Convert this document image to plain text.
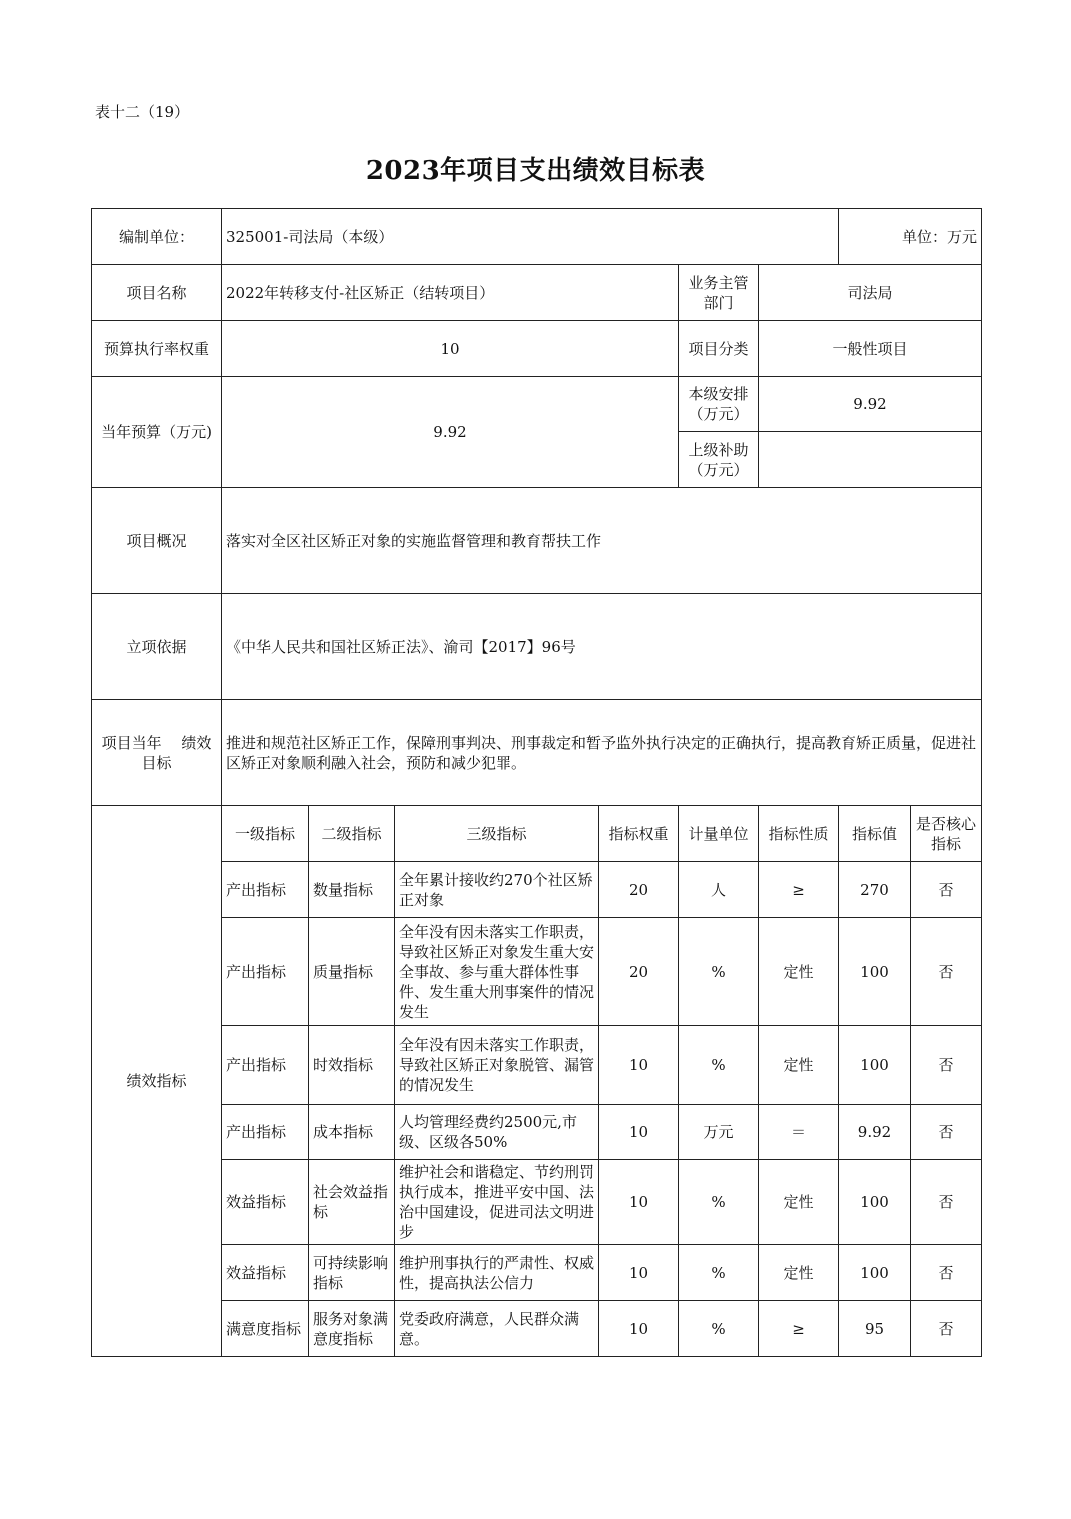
表十二（19）
2023年项目支出绩效目标表
编制单位：	325001-司法局（本级）						单位：万元	
项目名称	2022年转移支付-社区矫正（结转项目）				业务主管部门	司法局		
预算执行率权重	10				项目分类	一般性项目		
当年预算（万元)	9.92				本级安排（万元）	9.92		
					上级补助（万元）			
项目概况	落实对全区社区矫正对象的实施监督管理和教育帮扶工作							
立项依据	《中华人民共和国社区矫正法》、渝司【2017】96号							
项目当年　 绩效目标	推进和规范社区矫正工作，保障刑事判决、刑事裁定和暂予监外执行决定的正确执行，提高教育矫正质量，促进社区矫正对象顺利融入社会，预防和减少犯罪。							
绩效指标	一级指标	二级指标	三级指标	指标权重	计量单位	指标性质	指标值	是否核心指标
	产出指标	数量指标	全年累计接收约270个社区矫正对象	20	人	≥	270	否
	产出指标	质量指标	全年没有因未落实工作职责，导致社区矫正对象发生重大安全事故、参与重大群体性事件、发生重大刑事案件的情况发生	20	%	定性	100	否
	产出指标	时效指标	全年没有因未落实工作职责，导致社区矫正对象脱管、漏管的情况发生	10	%	定性	100	否
	产出指标	成本指标	人均管理经费约2500元,市级、区级各50%	10	万元	＝	9.92	否
	效益指标	社会效益指标	维护社会和谐稳定、节约刑罚执行成本，推进平安中国、法治中国建设，促进司法文明进步	10	%	定性	100	否
	效益指标	可持续影响指标	维护刑事执行的严肃性、权威性，提高执法公信力	10	%	定性	100	否
	满意度指标	服务对象满意度指标	党委政府满意，人民群众满意。	10	%	≥	95	否
